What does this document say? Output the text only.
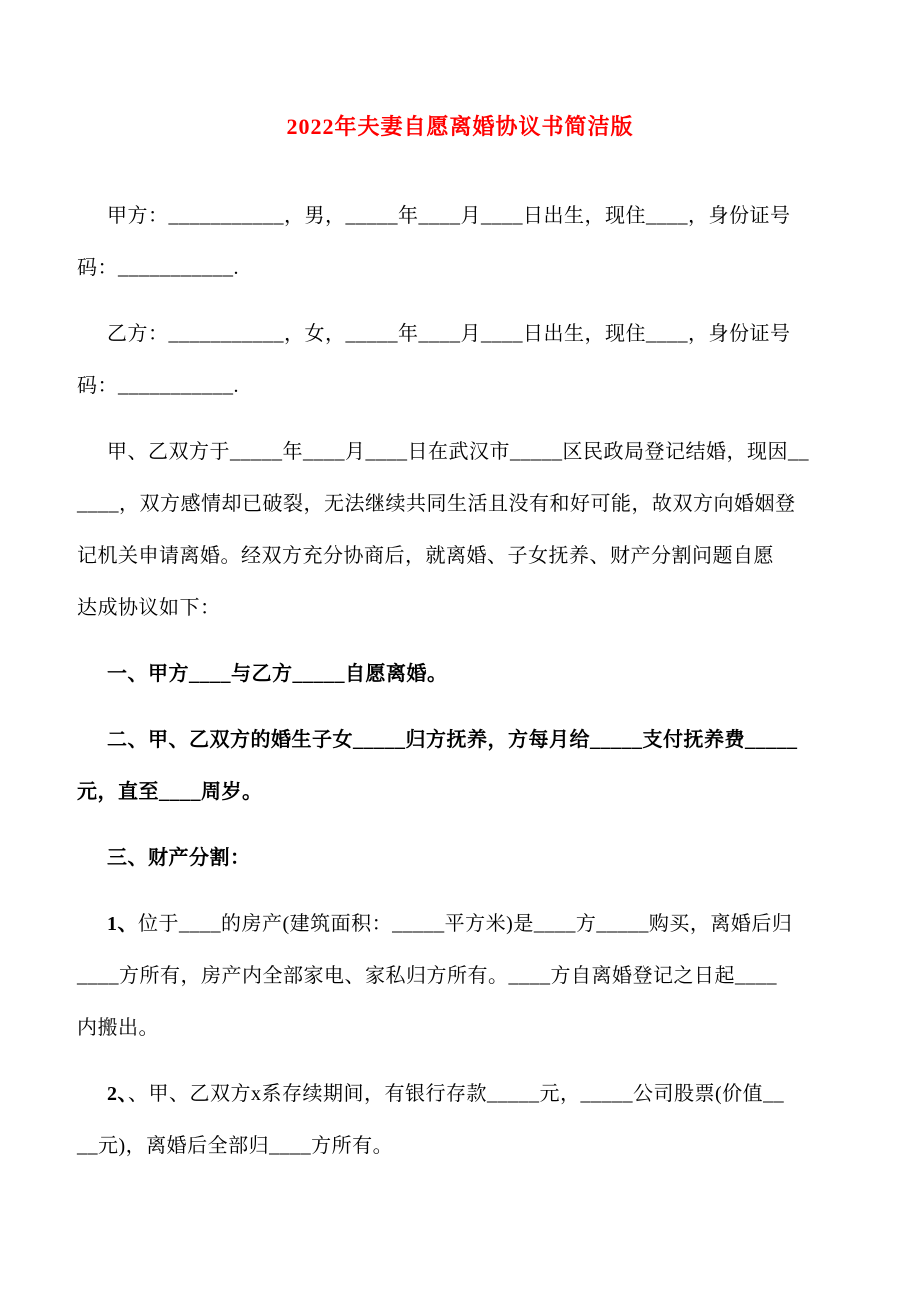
2022年夫妻自愿离婚协议书简洁版
甲方：___________，男，_____年____月____日出生，现住____，身份证号
码：___________.
乙方：___________，女，_____年____月____日出生，现住____，身份证号
码：___________.
甲、乙双方于_____年____月____日在武汉市_____区民政局登记结婚，现因__
____，双方感情却已破裂，无法继续共同生活且没有和好可能，故双方向婚姻登
记机关申请离婚。经双方充分协商后，就离婚、子女抚养、财产分割问题自愿
达成协议如下：
一、甲方____与乙方_____自愿离婚。
二、甲、乙双方的婚生子女_____归方抚养，方每月给_____支付抚养费_____
元，直至____周岁。
三、财产分割：
1、位于____的房产(建筑面积：_____平方米)是____方_____购买，离婚后归
____方所有，房产内全部家电、家私归方所有。____方自离婚登记之日起____
内搬出。
2、、甲、乙双方x系存续期间，有银行存款_____元，_____公司股票(价值__
__元)，离婚后全部归____方所有。
